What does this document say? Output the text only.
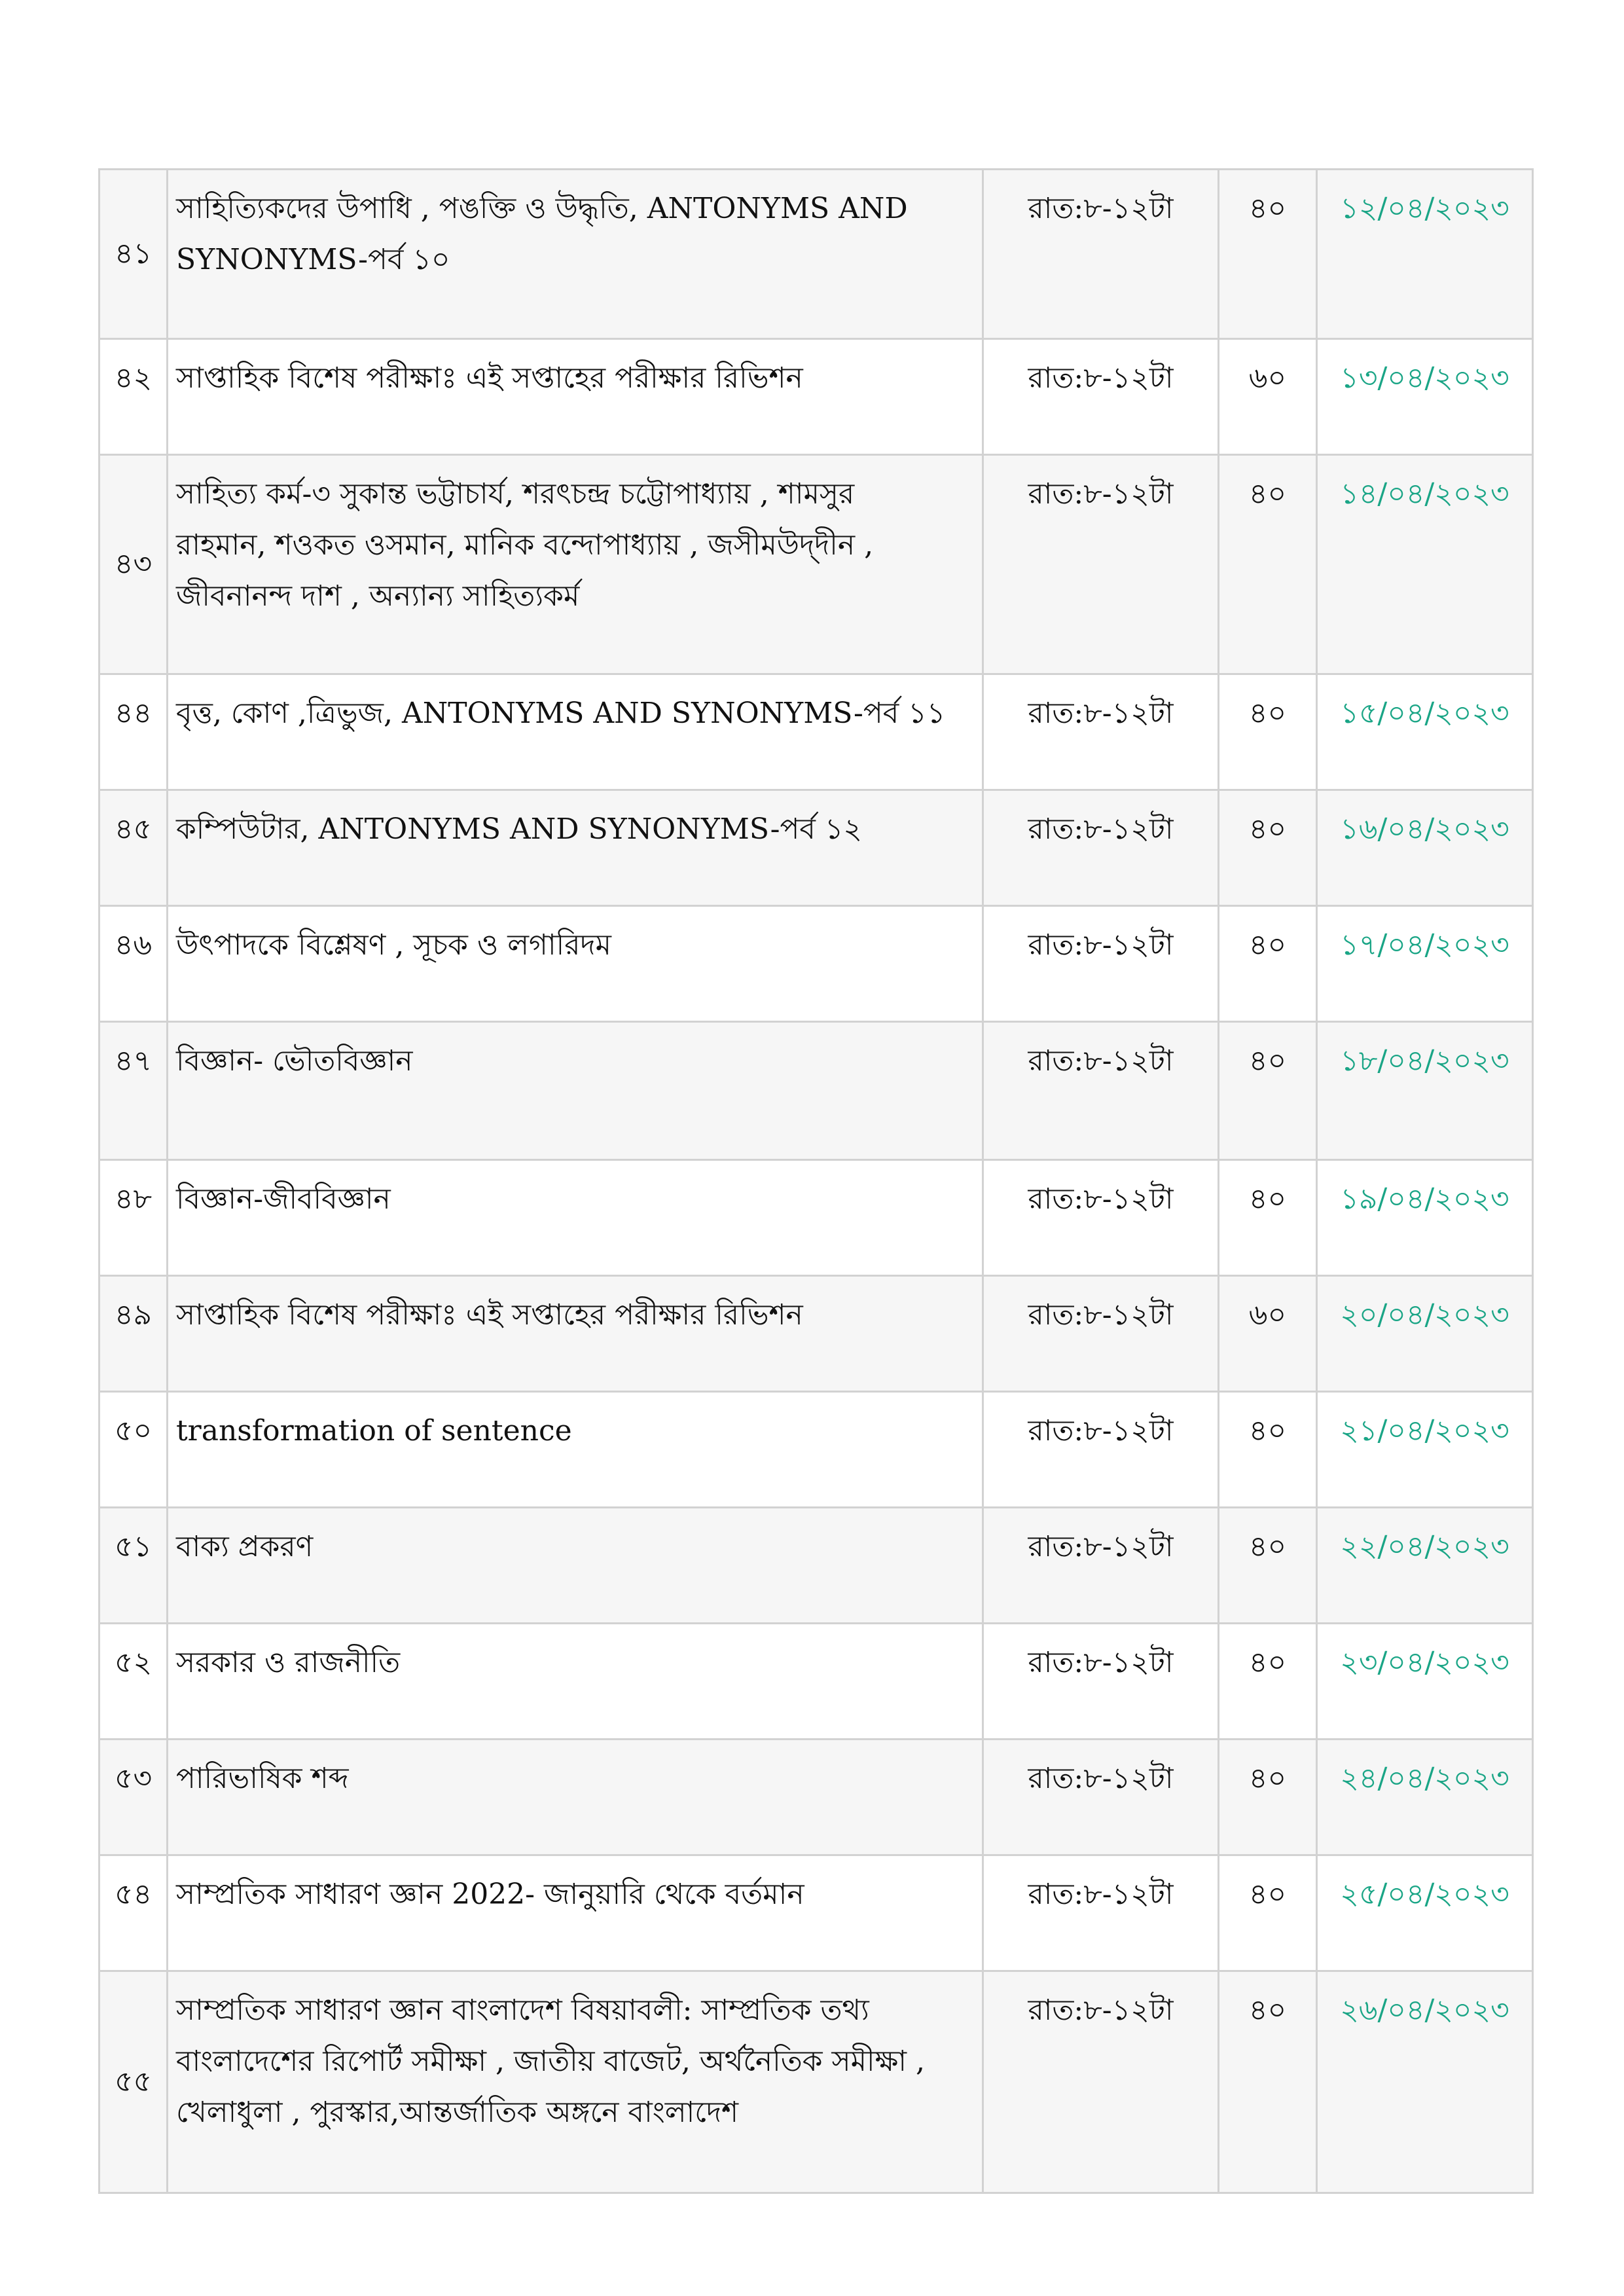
৪১	সাহিত্যিকদের উপাধি , পঙক্তি ও উদ্ধৃতি, ANTONYMS AND
SYNONYMS-পর্ব ১০	রাত:৮-১২টা	৪০	১২/০৪/২০২৩
৪২	সাপ্তাহিক বিশেষ পরীক্ষাঃ এই সপ্তাহের পরীক্ষার রিভিশন	রাত:৮-১২টা	৬০	১৩/০৪/২০২৩
৪৩	সাহিত্য কর্ম-৩ সুকান্ত ভট্টাচার্য, শরৎচন্দ্র চট্টোপাধ্যায় , শামসুর
রাহমান, শওকত ওসমান, মানিক বন্দোপাধ্যায় , জসীমউদ্‌দীন ,
জীবনানন্দ দাশ , অন্যান্য সাহিত্যকর্ম	রাত:৮-১২টা	৪০	১৪/০৪/২০২৩
৪৪	বৃত্ত, কোণ ,ত্রিভুজ, ANTONYMS AND SYNONYMS-পর্ব ১১	রাত:৮-১২টা	৪০	১৫/০৪/২০২৩
৪৫	কম্পিউটার, ANTONYMS AND SYNONYMS-পর্ব ১২	রাত:৮-১২টা	৪০	১৬/০৪/২০২৩
৪৬	উৎপাদকে বিশ্লেষণ , সূচক ও লগারিদম	রাত:৮-১২টা	৪০	১৭/০৪/২০২৩
৪৭	বিজ্ঞান- ভৌতবিজ্ঞান	রাত:৮-১২টা	৪০	১৮/০৪/২০২৩
৪৮	বিজ্ঞান-জীববিজ্ঞান	রাত:৮-১২টা	৪০	১৯/০৪/২০২৩
৪৯	সাপ্তাহিক বিশেষ পরীক্ষাঃ এই সপ্তাহের পরীক্ষার রিভিশন	রাত:৮-১২টা	৬০	২০/০৪/২০২৩
৫০	transformation of sentence	রাত:৮-১২টা	৪০	২১/০৪/২০২৩
৫১	বাক্য প্রকরণ	রাত:৮-১২টা	৪০	২২/০৪/২০২৩
৫২	সরকার ও রাজনীতি	রাত:৮-১২টা	৪০	২৩/০৪/২০২৩
৫৩	পারিভাষিক শব্দ	রাত:৮-১২টা	৪০	২৪/০৪/২০২৩
৫৪	সাম্প্রতিক সাধারণ জ্ঞান 2022- জানুয়ারি থেকে বর্তমান	রাত:৮-১২টা	৪০	২৫/০৪/২০২৩
৫৫	সাম্প্রতিক সাধারণ জ্ঞান বাংলাদেশ বিষয়াবলী: সাম্প্রতিক তথ্য
বাংলাদেশের রিপোর্ট সমীক্ষা , জাতীয় বাজেট, অর্থনৈতিক সমীক্ষা ,
খেলাধুলা , পুরস্কার,আন্তর্জাতিক অঙ্গনে বাংলাদেশ	রাত:৮-১২টা	৪০	২৬/০৪/২০২৩
